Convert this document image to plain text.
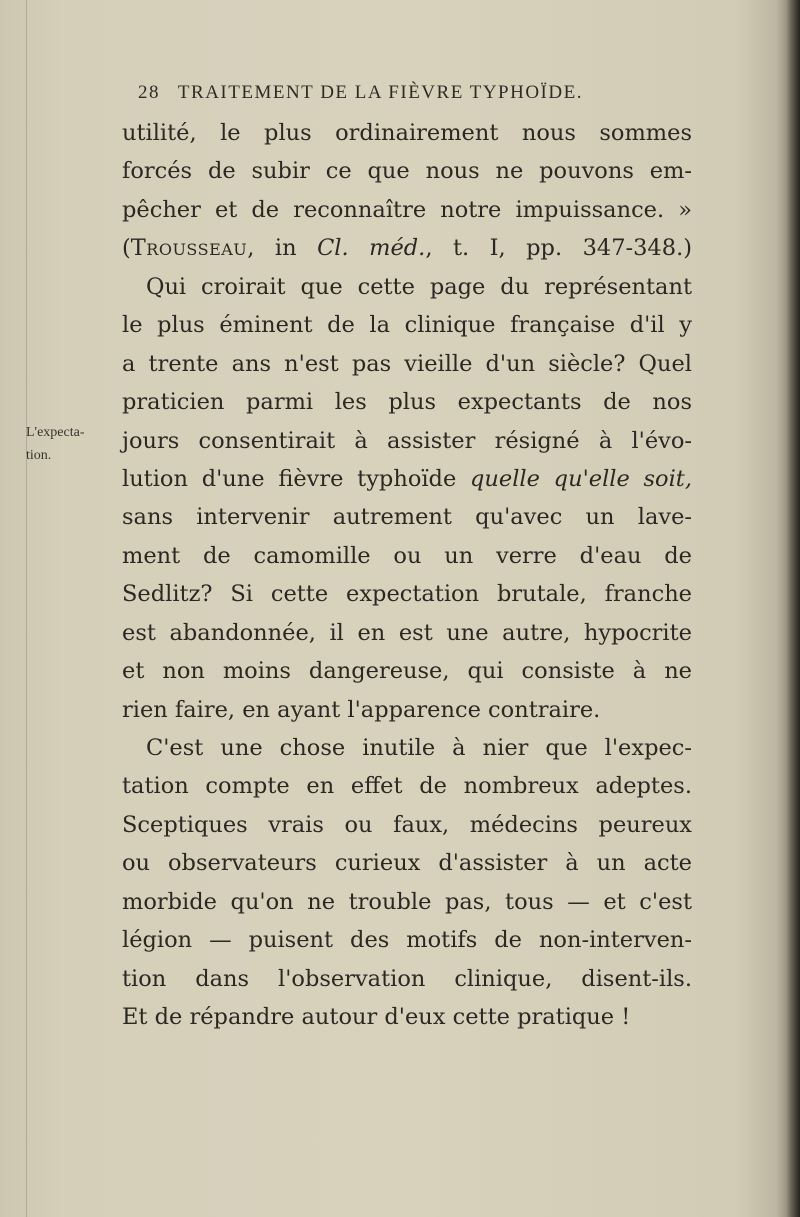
28 TRAITEMENT DE LA FIÈVRE TYPHOÏDE.
L'expecta-
tion.
utilité, le plus ordinairement nous sommes
forcés de subir ce que nous ne pouvons em-
pêcher et de reconnaître notre impuissance. »
(Trousseau, in Cl. méd., t. I, pp. 347-348.)
Qui croirait que cette page du représentant
le plus éminent de la clinique française d'il y
a trente ans n'est pas vieille d'un siècle? Quel
praticien parmi les plus expectants de nos
jours consentirait à assister résigné à l'évo-
lution d'une fièvre typhoïde quelle qu'elle soit,
sans intervenir autrement qu'avec un lave-
ment de camomille ou un verre d'eau de
Sedlitz? Si cette expectation brutale, franche
est abandonnée, il en est une autre, hypocrite
et non moins dangereuse, qui consiste à ne
rien faire, en ayant l'apparence contraire.
C'est une chose inutile à nier que l'expec-
tation compte en effet de nombreux adeptes.
Sceptiques vrais ou faux, médecins peureux
ou observateurs curieux d'assister à un acte
morbide qu'on ne trouble pas, tous — et c'est
légion — puisent des motifs de non-interven-
tion dans l'observation clinique, disent-ils.
Et de répandre autour d'eux cette pratique !
